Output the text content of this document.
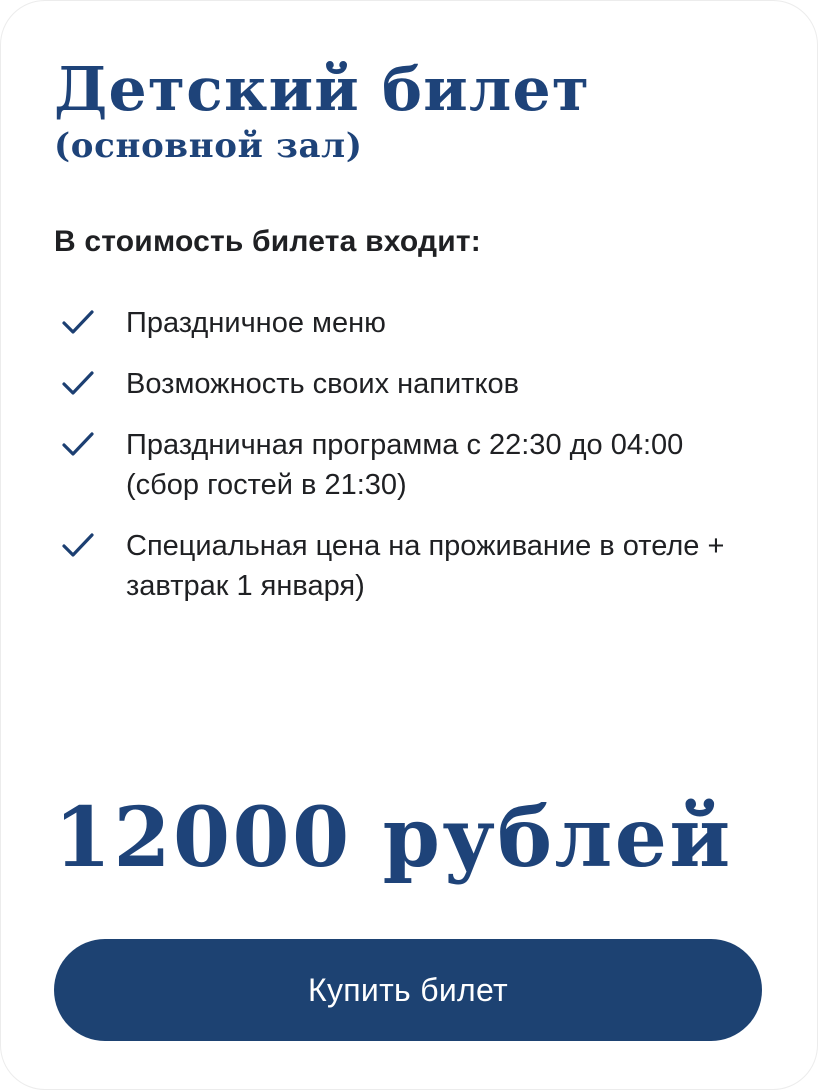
Детский билет
(основной зал)
В стоимость билета входит:
Праздничное меню
Возможность своих напитков
Праздничная программа с 22:30 до 04:00 (сбор гостей в 21:30)
Специальная цена на проживание в отеле + завтрак 1 января)
12000 рублей
Купить билет
